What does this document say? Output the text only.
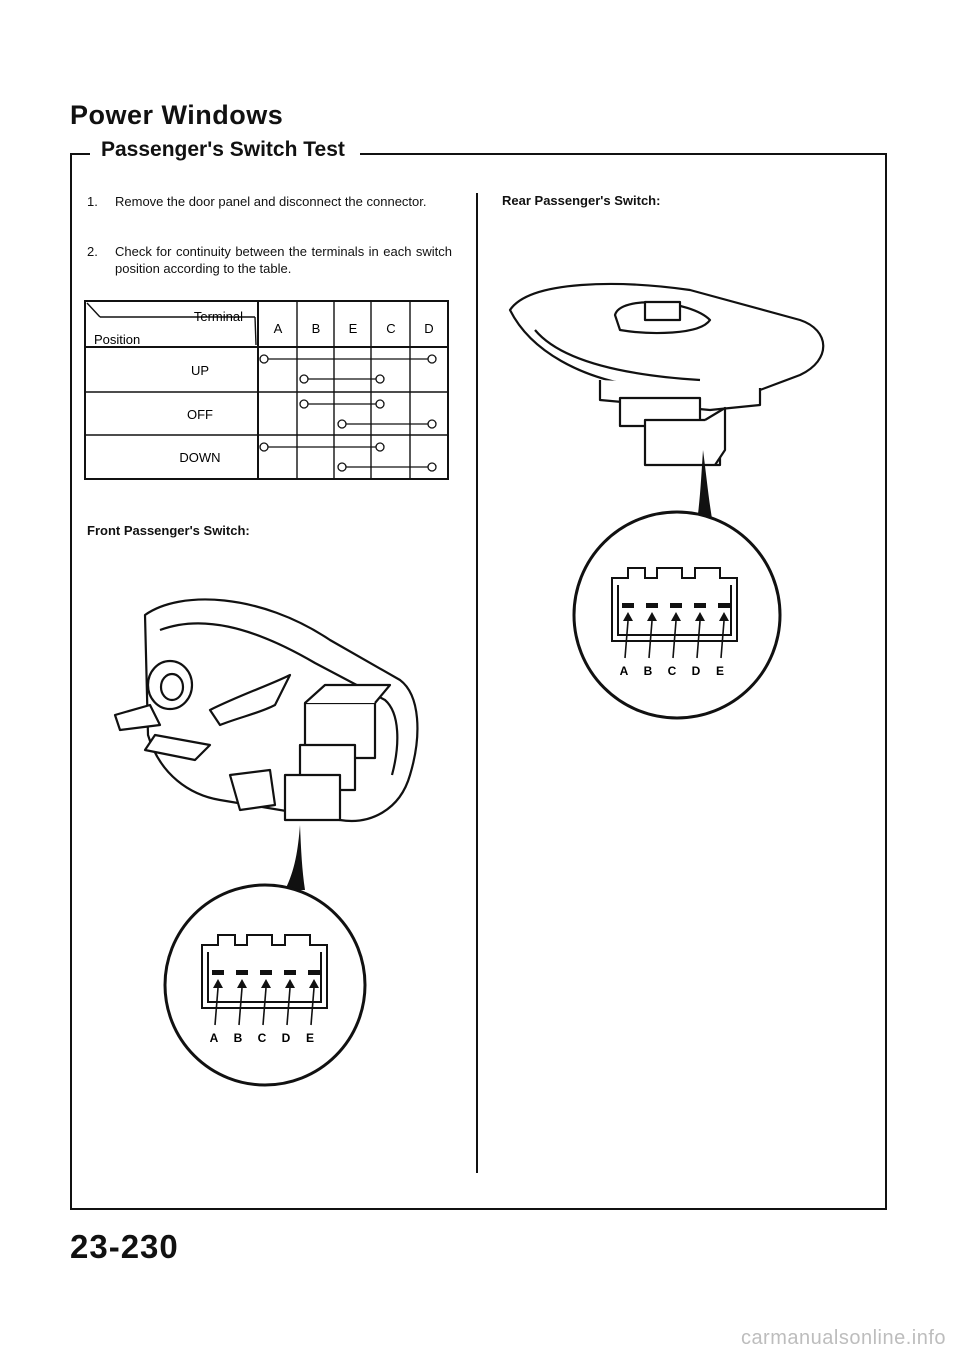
Power Windows
Passenger's Switch Test
1. Remove the door panel and disconnect the connector.
2. Check for continuity between the terminals in each switch position according to the table.
Terminal
Position
A B E C D
UP
OFF
DOWN
Front Passenger's Switch:
Rear Passenger's Switch:
A B C D E
A B C D E
23-230
carmanualsonline.info
